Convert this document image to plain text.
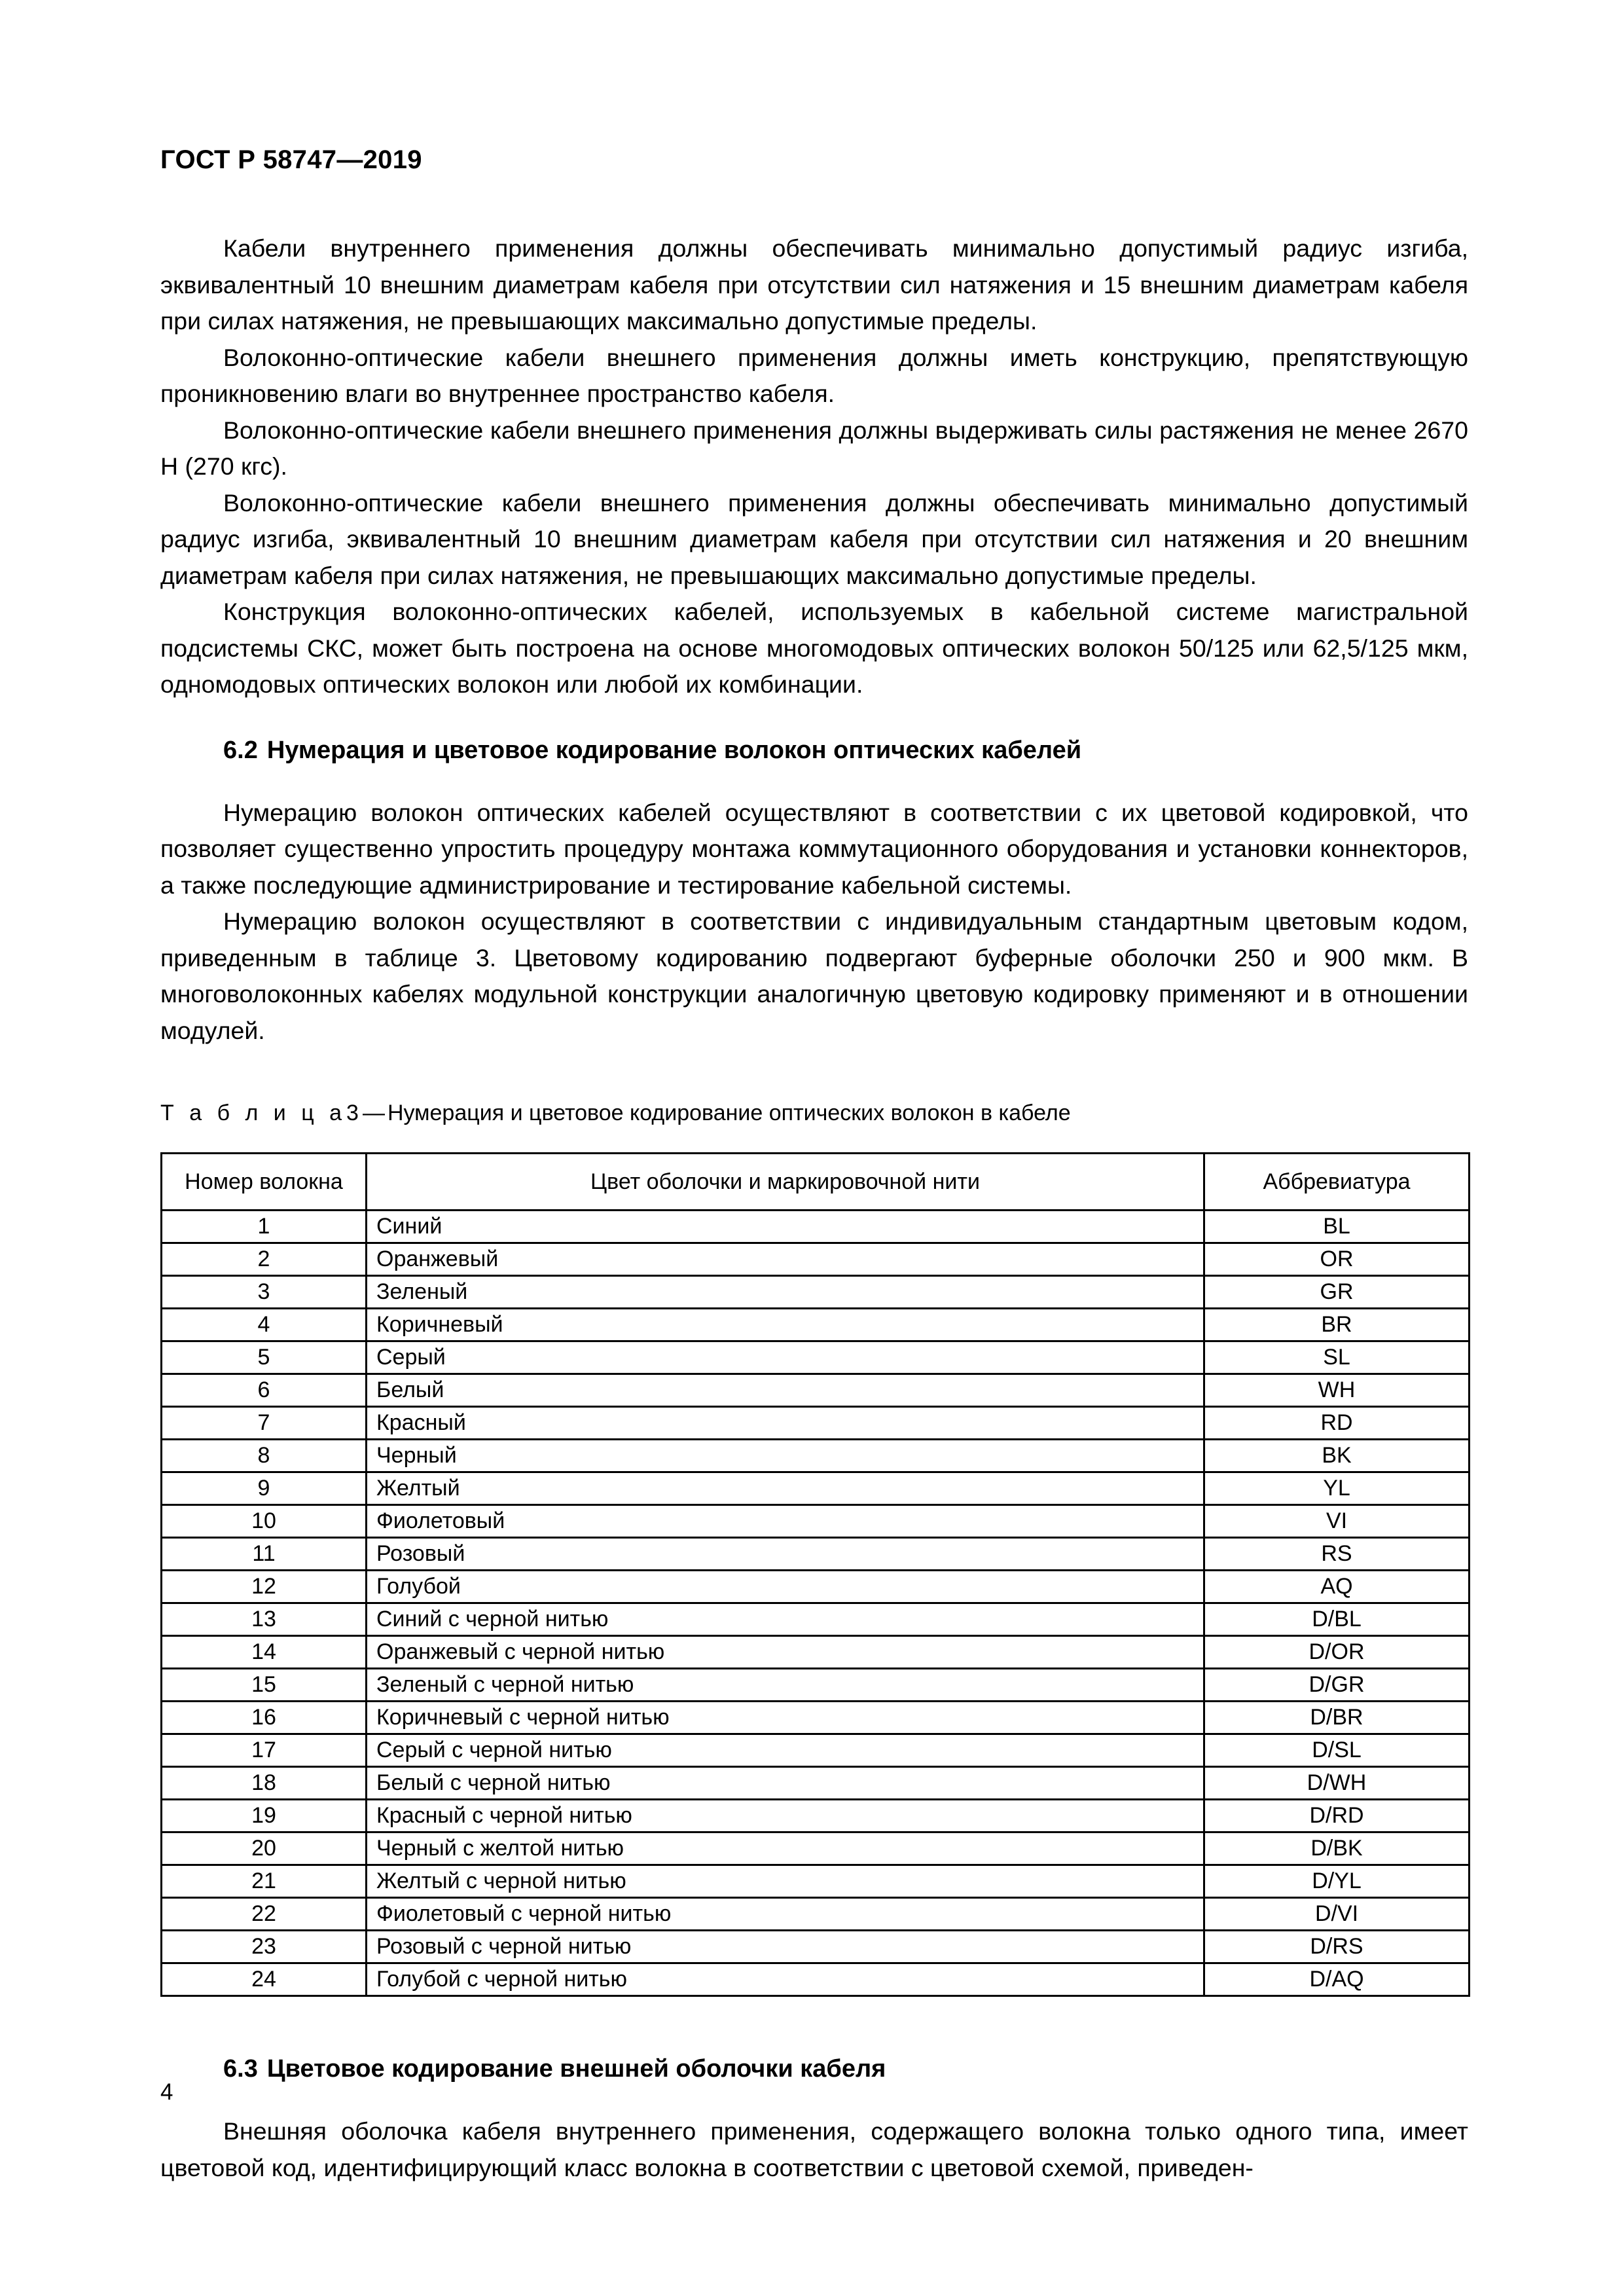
ГОСТ Р 58747—2019

Кабели внутреннего применения должны обеспечивать минимально допустимый радиус изгиба, эквивалентный 10 внешним диаметрам кабеля при отсутствии сил натяжения и 15 внешним диаметрам кабеля при силах натяжения, не превышающих максимально допустимые пределы.

Волоконно-оптические кабели внешнего применения должны иметь конструкцию, препятствующую проникновению влаги во внутреннее пространство кабеля.

Волоконно-оптические кабели внешнего применения должны выдерживать силы растяжения не менее 2670 Н (270 кгс).

Волоконно-оптические кабели внешнего применения должны обеспечивать минимально допустимый радиус изгиба, эквивалентный 10 внешним диаметрам кабеля при отсутствии сил натяжения и 20 внешним диаметрам кабеля при силах натяжения, не превышающих максимально допустимые пределы.

Конструкция волоконно-оптических кабелей, используемых в кабельной системе магистральной подсистемы СКС, может быть построена на основе многомодовых оптических волокон 50/125 или 62,5/125 мкм, одномодовых оптических волокон или любой их комбинации.

6.2 Нумерация и цветовое кодирование волокон оптических кабелей

Нумерацию волокон оптических кабелей осуществляют в соответствии с их цветовой кодировкой, что позволяет существенно упростить процедуру монтажа коммутационного оборудования и установки коннекторов, а также последующие администрирование и тестирование кабельной системы.

Нумерацию волокон осуществляют в соответствии с индивидуальным стандартным цветовым кодом, приведенным в таблице 3. Цветовому кодированию подвергают буферные оболочки 250 и 900 мкм. В многоволоконных кабелях модульной конструкции аналогичную цветовую кодировку применяют и в отношении модулей.

Т а б л и ц а3 — Нумерация и цветовое кодирование оптических волокон в кабеле

Номер волокна	Цвет оболочки и маркировочной нити	Аббревиатура
1	Синий	BL
2	Оранжевый	OR
3	Зеленый	GR
4	Коричневый	BR
5	Серый	SL
6	Белый	WH
7	Красный	RD
8	Черный	BK
9	Желтый	YL
10	Фиолетовый	VI
11	Розовый	RS
12	Голубой	AQ
13	Синий с черной нитью	D/BL
14	Оранжевый с черной нитью	D/OR
15	Зеленый с черной нитью	D/GR
16	Коричневый с черной нитью	D/BR
17	Серый с черной нитью	D/SL
18	Белый с черной нитью	D/WH
19	Красный с черной нитью	D/RD
20	Черный с желтой нитью	D/BK
21	Желтый с черной нитью	D/YL
22	Фиолетовый с черной нитью	D/VI
23	Розовый с черной нитью	D/RS
24	Голубой с черной нитью	D/AQ
6.3 Цветовое кодирование внешней оболочки кабеля

Внешняя оболочка кабеля внутреннего применения, содержащего волокна только одного типа, имеет цветовой код, идентифицирующий класс волокна в соответствии с цветовой схемой, приведен-

4
